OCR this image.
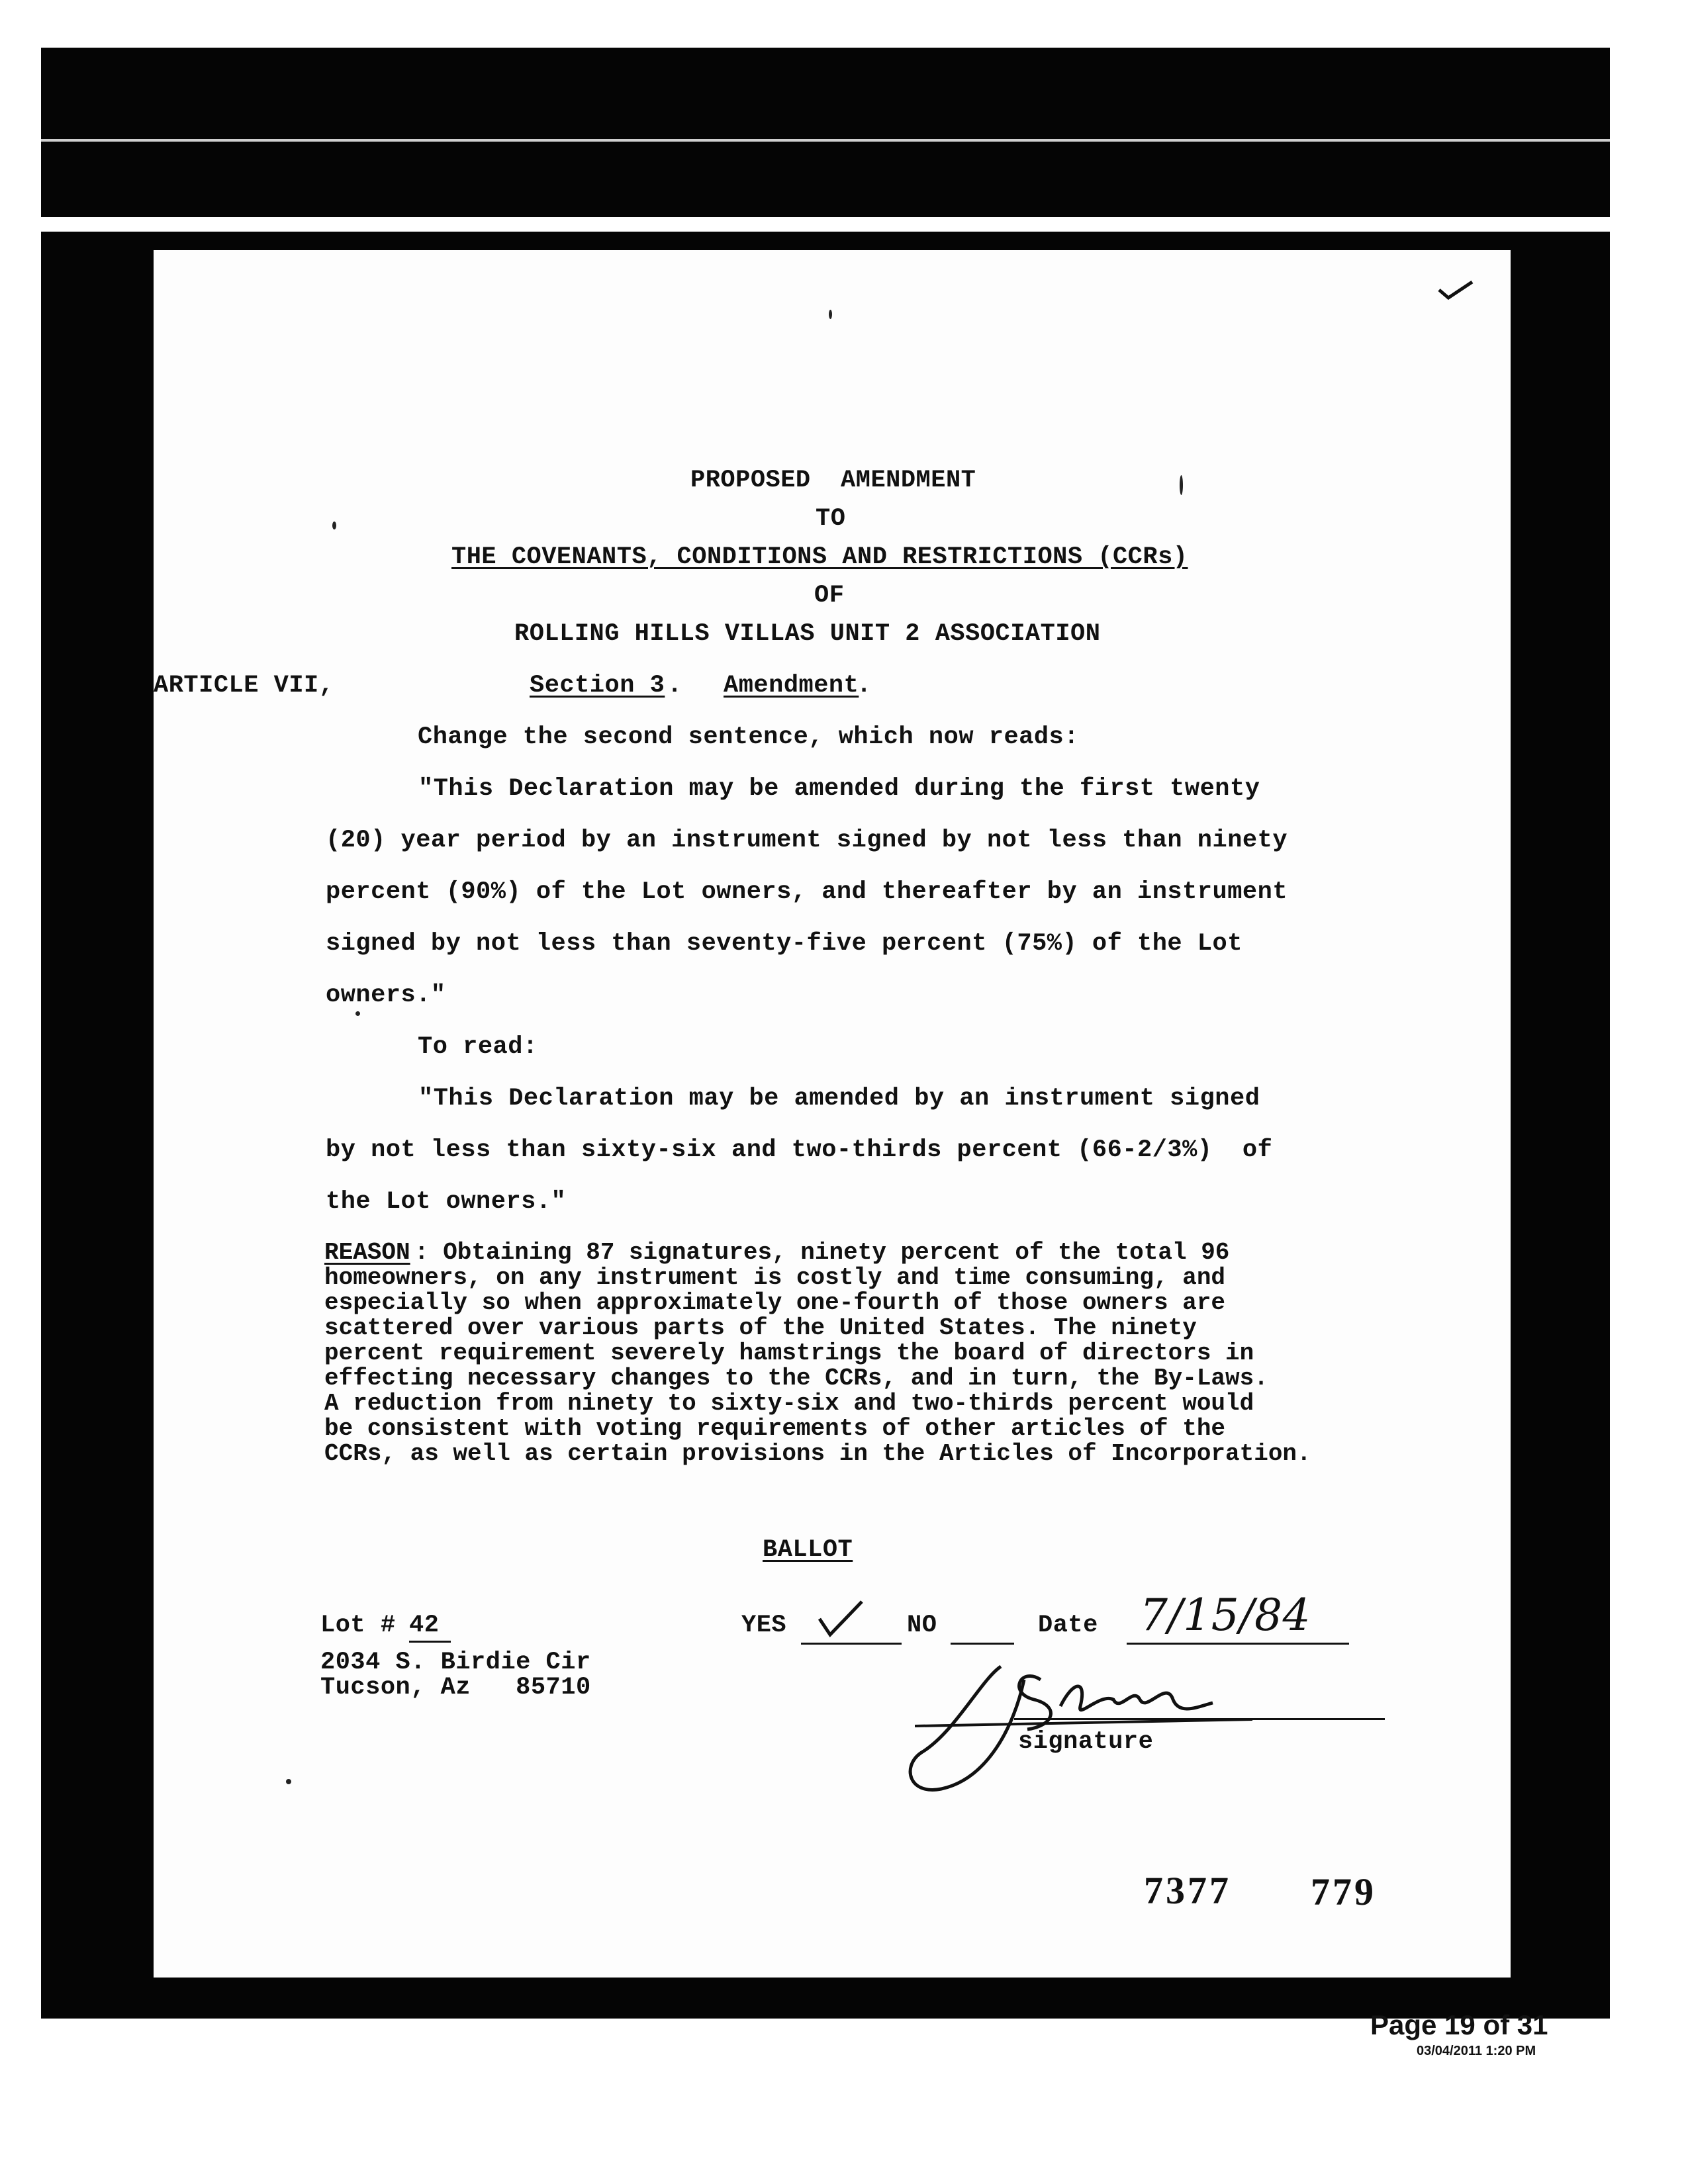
PROPOSED  AMENDMENT
TO
THE COVENANTS, CONDITIONS AND RESTRICTIONS (CCRs)
OF
ROLLING HILLS VILLAS UNIT 2 ASSOCIATION

ARTICLE VII,

	Section 3 . Amendment
.
Change the second sentence, which now reads:
"This Declaration may be amended during the first twenty
(20) year period by an instrument signed by not less than ninety
percent (90%) of the Lot owners, and thereafter by an instrument
signed by not less than seventy-five percent (75%) of the Lot
owners."
To read:
"This Declaration may be amended by an instrument signed
by not less than sixty-six and two-thirds percent (66-2/3%)  of
the Lot owners."
REASON : Obtaining 87 signatures, ninety percent of the total 96
homeowners, on any instrument is costly and time consuming, and
especially so when approximately one-fourth of those owners are
scattered over various parts of the United States. The ninety
percent requirement severely hamstrings the board of directors in
effecting necessary changes to the CCRs, and in turn, the By-Laws.
A reduction from ninety to sixty-six and two-thirds percent would
be consistent with voting requirements of other articles of the
CCRs, as well as certain provisions in the Articles of Incorporation.
BALLOT
Lot #
42
2034 S. Birdie Cir
Tucson, Az   85710
YES	NO	Date 7/15/84
signature
7377 779
Page 19 of 31
03/04/2011 1:20 PM
